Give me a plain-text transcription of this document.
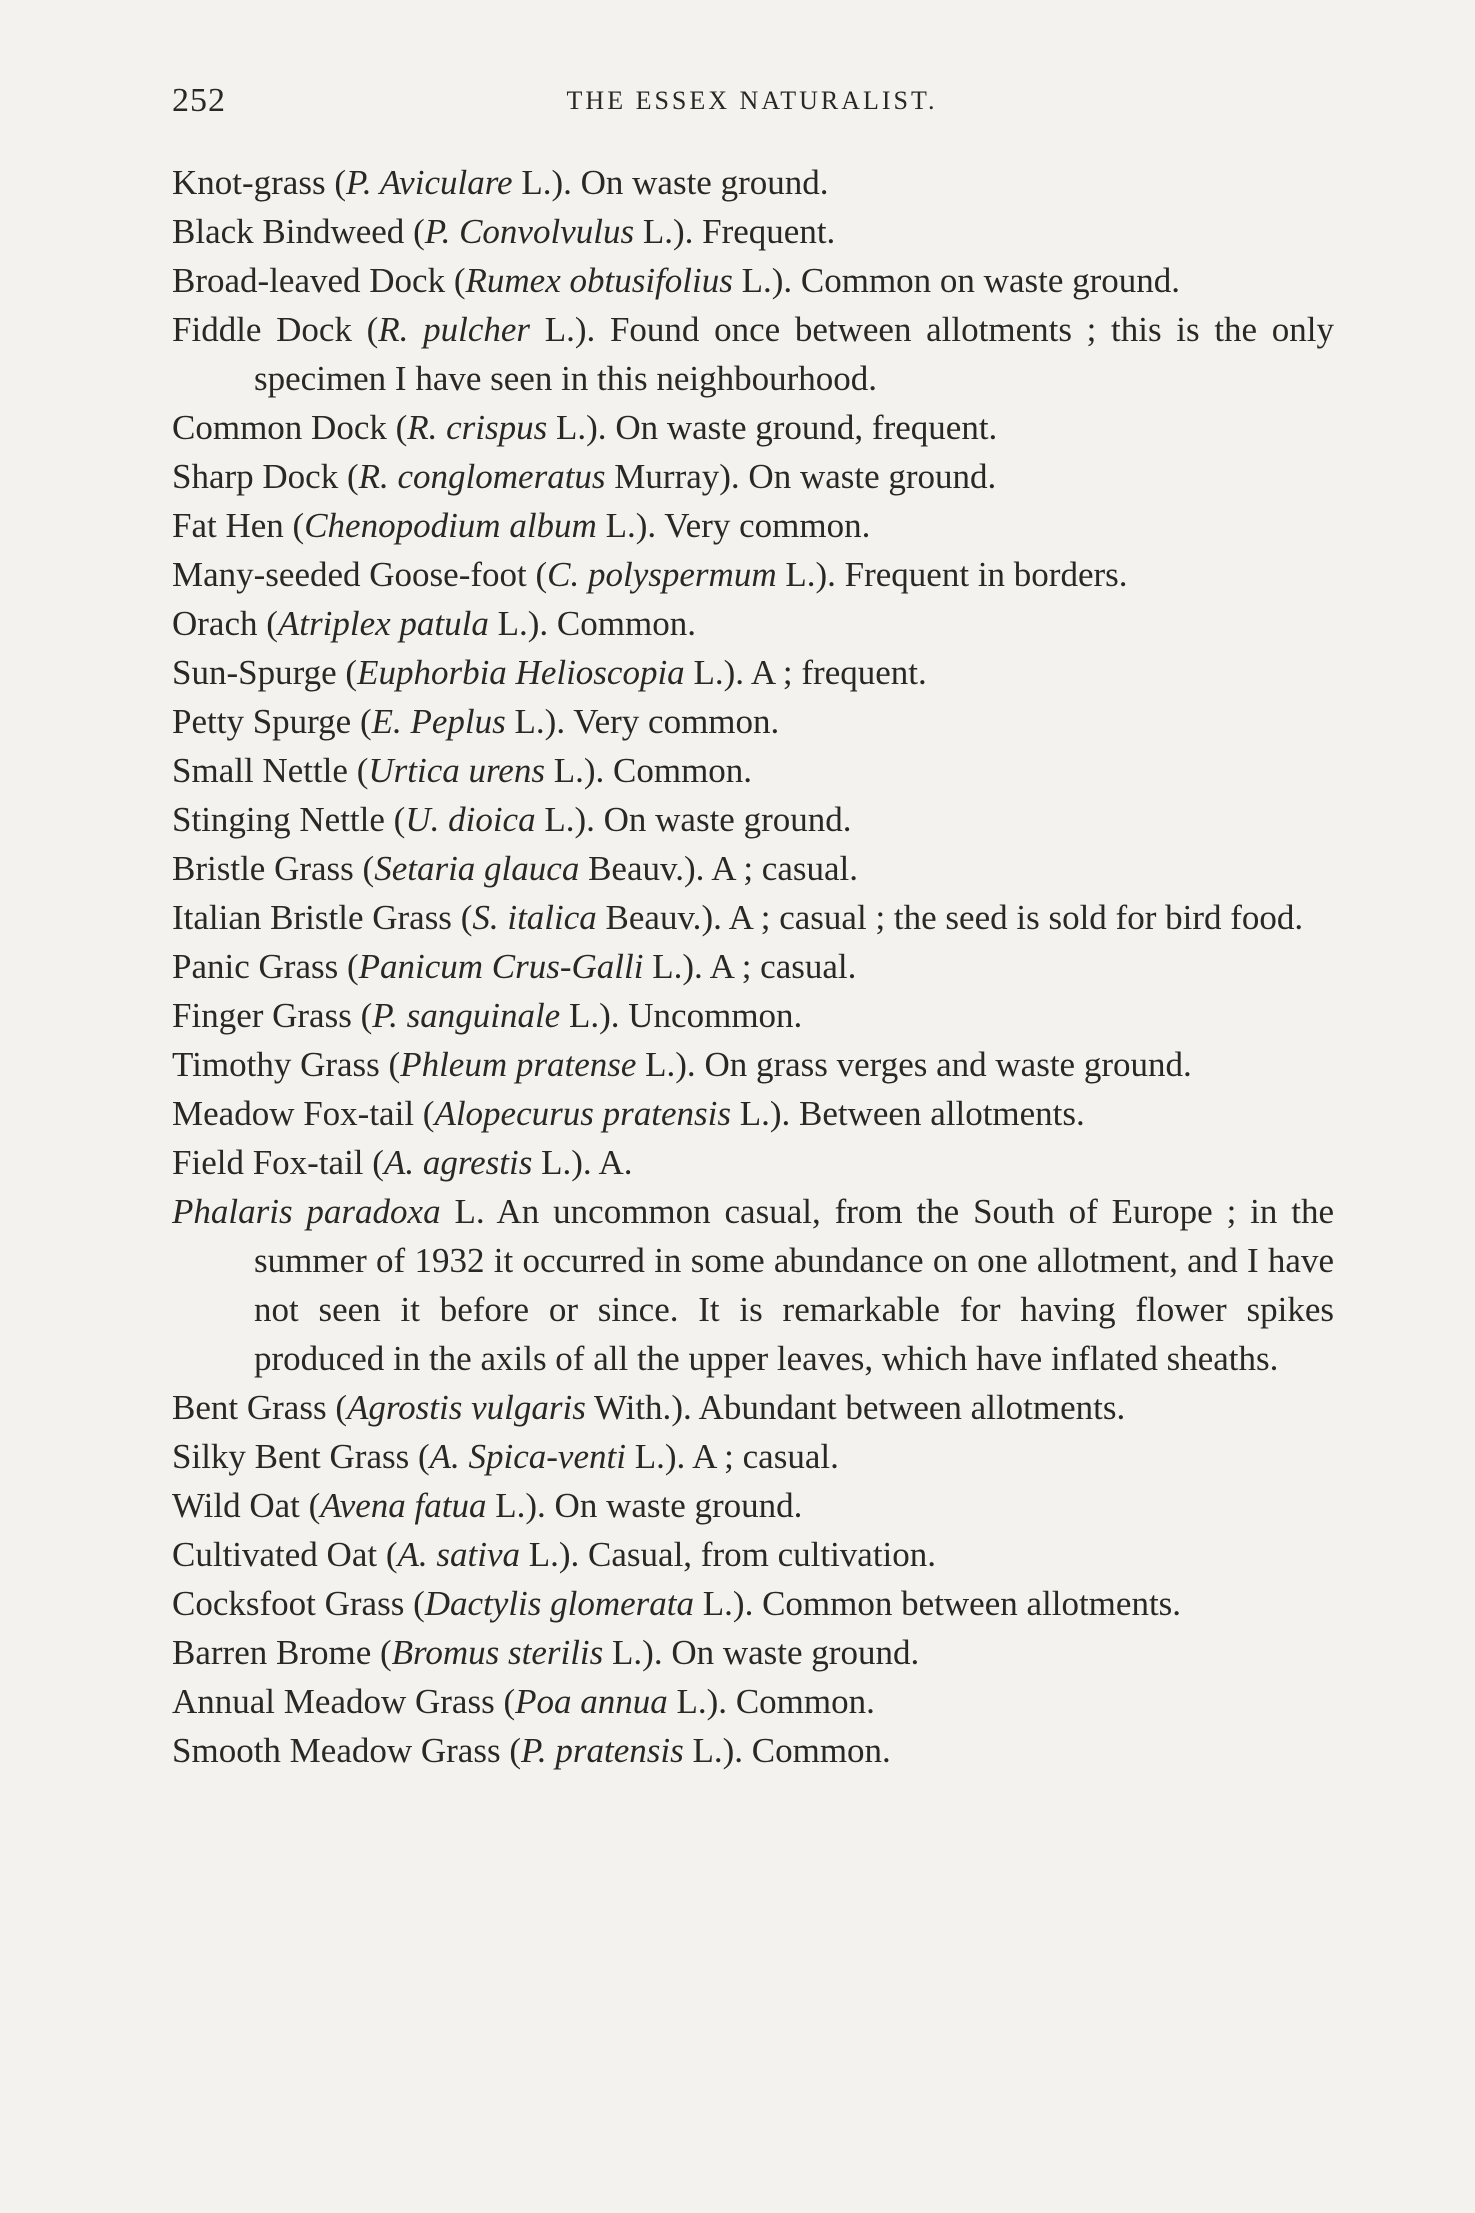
252	THE ESSEX NATURALIST.
Knot-grass (P. Aviculare L.). On waste ground.
Black Bindweed (P. Convolvulus L.). Frequent.
Broad-leaved Dock (Rumex obtusifolius L.). Common on waste ground.
Fiddle Dock (R. pulcher L.). Found once between allotments ; this is the only specimen I have seen in this neighbourhood.
Common Dock (R. crispus L.). On waste ground, frequent.
Sharp Dock (R. conglomeratus Murray). On waste ground.
Fat Hen (Chenopodium album L.). Very common.
Many-seeded Goose-foot (C. polyspermum L.). Frequent in borders.
Orach (Atriplex patula L.). Common.
Sun-Spurge (Euphorbia Helioscopia L.). A ; frequent.
Petty Spurge (E. Peplus L.). Very common.
Small Nettle (Urtica urens L.). Common.
Stinging Nettle (U. dioica L.). On waste ground.
Bristle Grass (Setaria glauca Beauv.). A ; casual.
Italian Bristle Grass (S. italica Beauv.). A ; casual ; the seed is sold for bird food.
Panic Grass (Panicum Crus-Galli L.). A ; casual.
Finger Grass (P. sanguinale L.). Uncommon.
Timothy Grass (Phleum pratense L.). On grass verges and waste ground.
Meadow Fox-tail (Alopecurus pratensis L.). Between allotments.
Field Fox-tail (A. agrestis L.). A.
Phalaris paradoxa L. An uncommon casual, from the South of Europe ; in the summer of 1932 it occurred in some abundance on one allotment, and I have not seen it before or since. It is remarkable for having flower spikes produced in the axils of all the upper leaves, which have inflated sheaths.
Bent Grass (Agrostis vulgaris With.). Abundant between allotments.
Silky Bent Grass (A. Spica-venti L.). A ; casual.
Wild Oat (Avena fatua L.). On waste ground.
Cultivated Oat (A. sativa L.). Casual, from cultivation.
Cocksfoot Grass (Dactylis glomerata L.). Common between allotments.
Barren Brome (Bromus sterilis L.). On waste ground.
Annual Meadow Grass (Poa annua L.). Common.
Smooth Meadow Grass (P. pratensis L.). Common.
